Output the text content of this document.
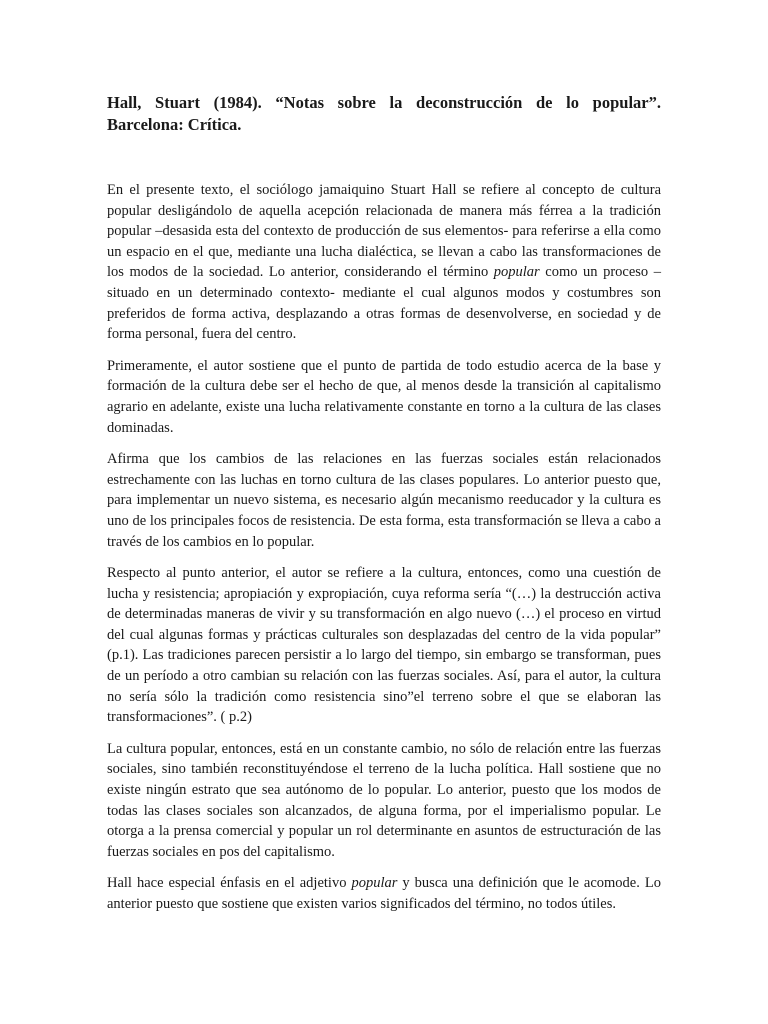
Hall, Stuart (1984). “Notas sobre la deconstrucción de lo popular”.
Barcelona: Crítica.

En el presente texto, el sociólogo jamaiquino Stuart Hall se refiere al concepto de cultura popular desligándolo de aquella acepción relacionada de manera más férrea a la tradición popular –desasida esta del contexto de producción de sus elementos- para referirse a ella como un espacio en el que, mediante una lucha dialéctica, se llevan a cabo las transformaciones de los modos de la sociedad. Lo anterior, considerando el término popular como un proceso –situado en un determinado contexto- mediante el cual algunos modos y costumbres son preferidos de forma activa, desplazando a otras formas de desenvolverse, en sociedad y de forma personal, fuera del centro.

Primeramente, el autor sostiene que el punto de partida de todo estudio acerca de la base y formación de la cultura debe ser el hecho de que, al menos desde la transición al capitalismo agrario en adelante, existe una lucha relativamente constante en torno a la cultura de las clases dominadas.

Afirma que los cambios de las relaciones en las fuerzas sociales están relacionados estrechamente con las luchas en torno cultura de las clases populares. Lo anterior puesto que, para implementar un nuevo sistema, es necesario algún mecanismo reeducador y la cultura es uno de los principales focos de resistencia. De esta forma, esta transformación se lleva a cabo a través de los cambios en lo popular.

Respecto al punto anterior, el autor se refiere a la cultura, entonces, como una cuestión de lucha y resistencia; apropiación y expropiación, cuya reforma sería “(…) la destrucción activa de determinadas maneras de vivir y su transformación en algo nuevo (…) el proceso en virtud del cual algunas formas y prácticas culturales son desplazadas del centro de la vida popular” (p.1). Las tradiciones parecen persistir a lo largo del tiempo, sin embargo se transforman, pues de un período a otro cambian su relación con las fuerzas sociales. Así, para el autor, la cultura no sería sólo la tradición como resistencia sino”el terreno sobre el que se elaboran las transformaciones”. ( p.2)

La cultura popular, entonces, está en un constante cambio, no sólo de relación entre las fuerzas sociales, sino también reconstituyéndose el terreno de la lucha política. Hall sostiene que no existe ningún estrato que sea autónomo de lo popular. Lo anterior, puesto que los modos de todas las clases sociales son alcanzados, de alguna forma, por el imperialismo popular. Le otorga a la prensa comercial y popular un rol determinante en asuntos de estructuración de las fuerzas sociales en pos del capitalismo.

Hall hace especial énfasis en el adjetivo popular y busca una definición que le acomode. Lo anterior puesto que sostiene que existen varios significados del término, no todos útiles.
